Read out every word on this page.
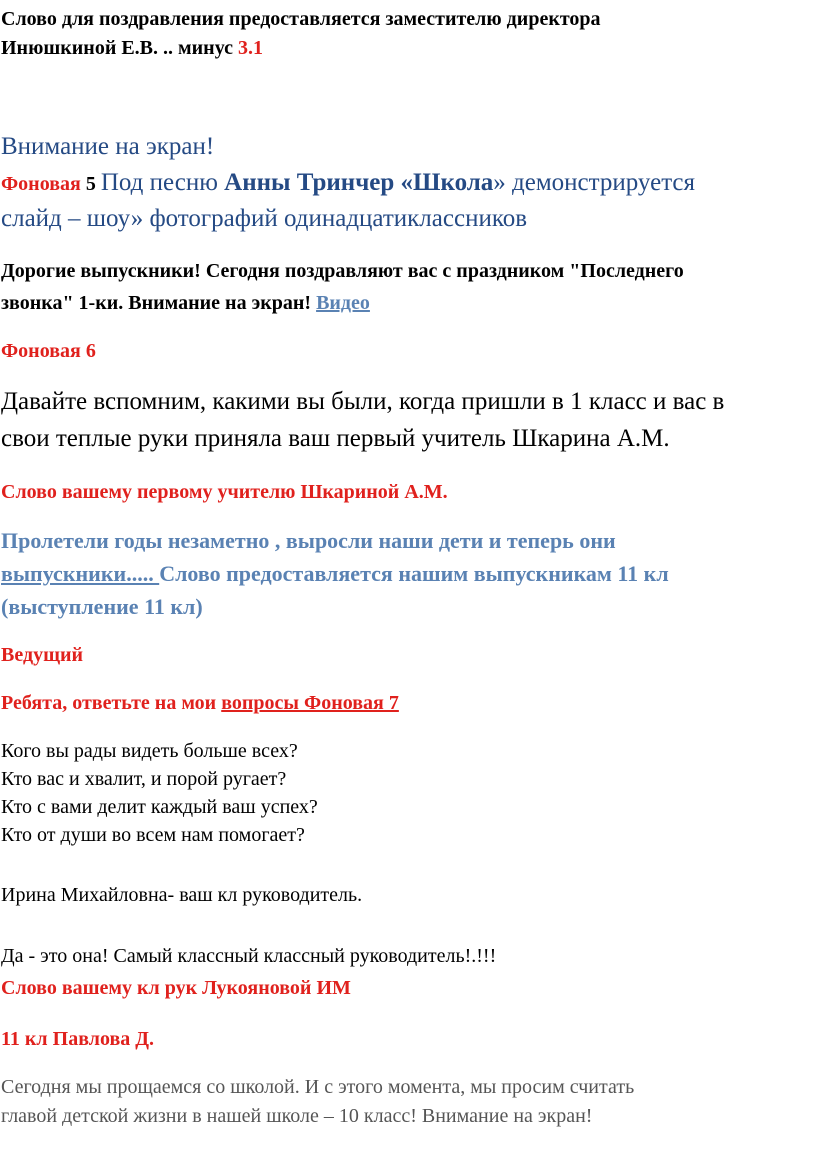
Слово для поздравления предоставляется заместителю директора
Инюшкиной Е.В. .. минус 3.1
Внимание на экран!
Фоновая 5 Под песню Анны Тринчер «Школа» демонстрируется
слайд – шоу» фотографий одинадцатиклассников
Дорогие выпускники! Сегодня поздравляют вас с праздником "Последнего
звонка" 1-ки. Внимание на экран! Видео
Фоновая 6
Давайте вспомним, какими вы были, когда пришли в 1 класс и вас в
свои теплые руки приняла ваш первый учитель Шкарина А.М.
Слово вашему первому учителю Шкариной А.М.
Пролетели годы незаметно , выросли наши дети и теперь они
выпускники..... Слово предоставляется нашим выпускникам 11 кл
(выступление 11 кл)
Ведущий
Ребята, ответьте на мои вопросы Фоновая 7
Кого вы рады видеть больше всех?
Кто вас и хвалит, и порой ругает?
Кто с вами делит каждый ваш успех?
Кто от души во всем нам помогает?
Ирина Михайловна- ваш кл руководитель.
Да - это она! Самый классный классный руководитель!.!!!
Слово вашему кл рук Лукояновой ИМ
11 кл Павлова Д.
Сегодня мы прощаемся со школой. И с этого момента, мы просим считать
главой детской жизни в нашей школе – 10 класс! Внимание на экран!
